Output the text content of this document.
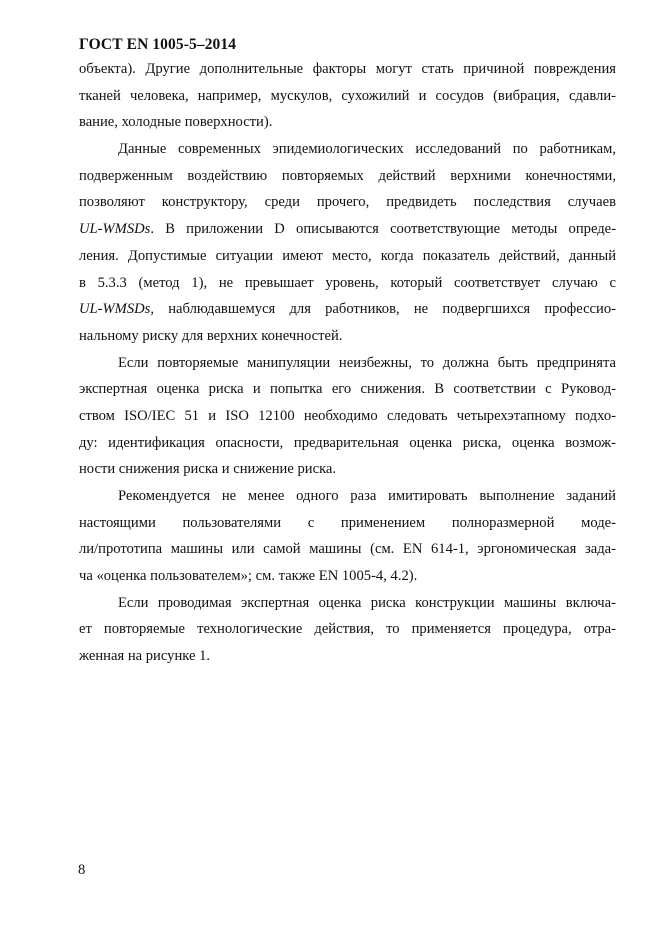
ГОСТ EN 1005-5–2014

объекта). Другие дополнительные факторы могут стать причиной повреждения
тканей человека, например, мускулов, сухожилий и сосудов (вибрация, сдавли-
вание, холодные поверхности).

Данные современных эпидемиологических исследований по работникам,
подверженным воздействию повторяемых действий верхними конечностями,
позволяют конструктору, среди прочего, предвидеть последствия случаев
UL-WMSDs. В приложении D описываются соответствующие методы опреде-
ления. Допустимые ситуации имеют место, когда показатель действий, данный
в 5.3.3 (метод 1), не превышает уровень, который соответствует случаю с
UL-WMSDs, наблюдавшемуся для работников, не подвергшихся профессио-
нальному риску для верхних конечностей.

Если повторяемые манипуляции неизбежны, то должна быть предпринята
экспертная оценка риска и попытка его снижения. В соответствии с Руковод-
ством ISO/IEC 51 и ISO 12100 необходимо следовать четырехэтапному подхо-
ду: идентификация опасности, предварительная оценка риска, оценка возмож-
ности снижения риска и снижение риска.

Рекомендуется не менее одного раза имитировать выполнение заданий
настоящими пользователями с применением полноразмерной моде-
ли/прототипа машины или самой машины (см. EN 614-1, эргономическая зада-
ча «оценка пользователем»; см. также EN 1005-4, 4.2).

Если проводимая экспертная оценка риска конструкции машины включа-
ет повторяемые технологические действия, то применяется процедура, отра-
женная на рисунке 1.

8
